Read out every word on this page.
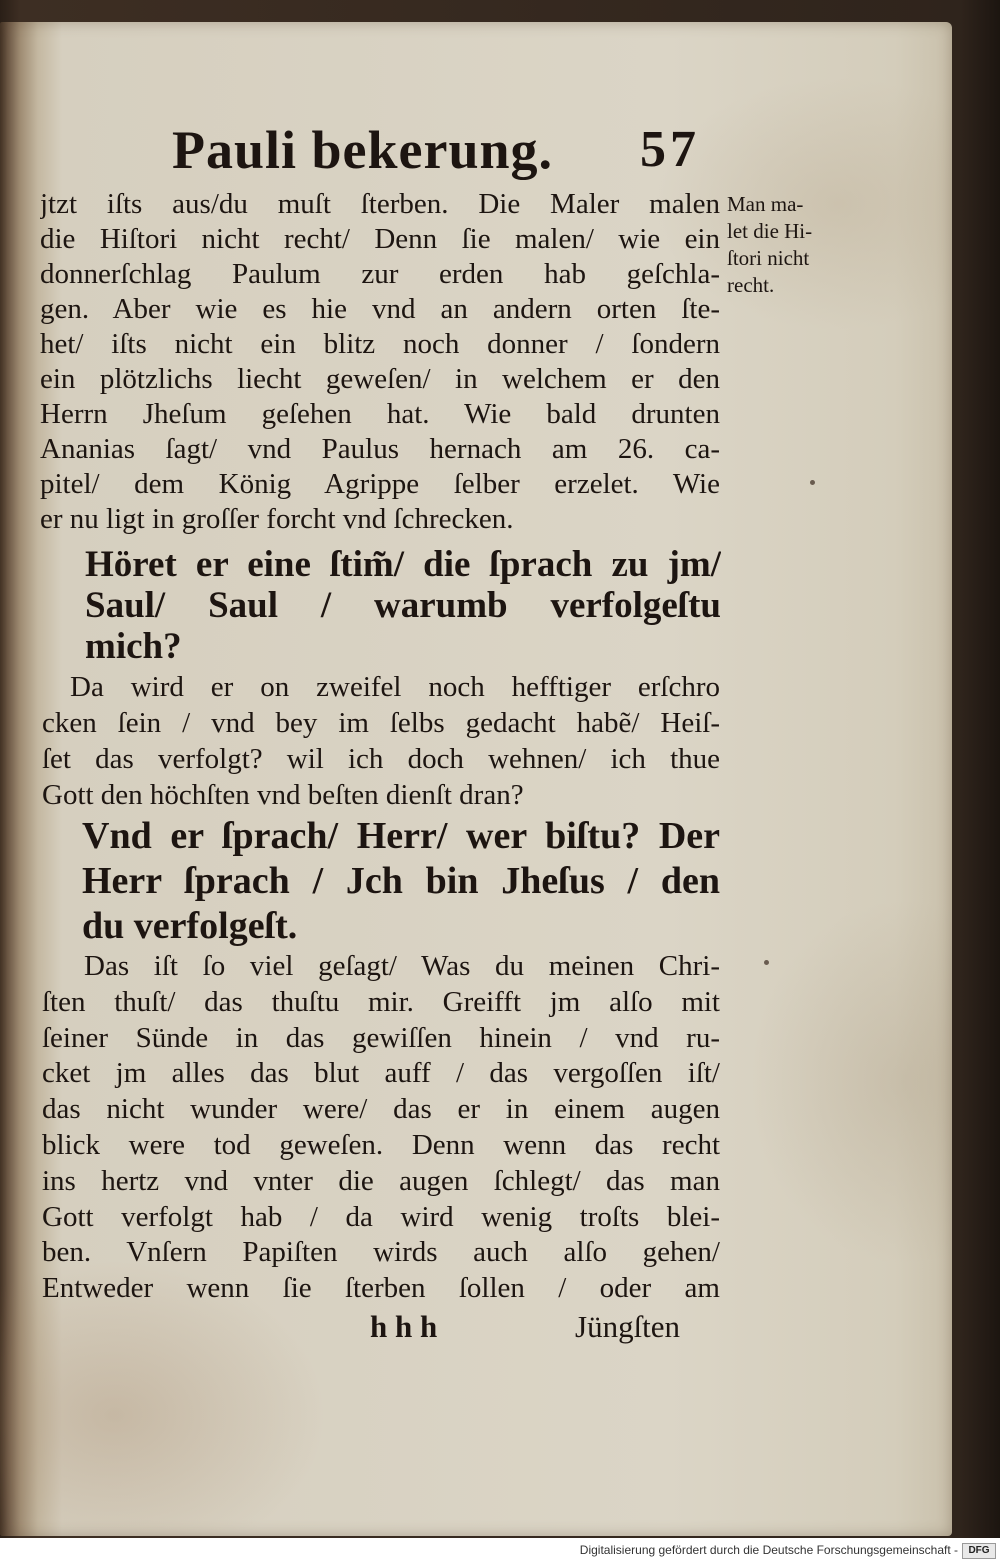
Pauli bekerung. 57
jtzt iſts aus/du muſt ſterben. Die Maler malen
die Hiſtori nicht recht/ Denn ſie malen/ wie ein
donnerſchlag Paulum zur erden hab geſchla-
gen. Aber wie es hie vnd an andern orten ſte-
het/ iſts nicht ein blitz noch donner / ſondern
ein plötzlichs liecht geweſen/ in welchem er den
Herrn Jheſum geſehen hat. Wie bald drunten
Ananias ſagt/ vnd Paulus hernach am 26. ca-
pitel/ dem König Agrippe ſelber erzelet. Wie
er nu ligt in groſſer forcht vnd ſchrecken.
Höret er eine ſtim̃/ die ſprach zu jm/
Saul/ Saul / warumb verfolgeſtu
mich?
Da wird er on zweifel noch hefftiger erſchro
cken ſein / vnd bey im ſelbs gedacht habẽ/ Heiſ-
ſet das verfolgt? wil ich doch wehnen/ ich thue
Gott den höchſten vnd beſten dienſt dran?
Vnd er ſprach/ Herr/ wer biſtu? Der
Herr ſprach / Jch bin Jheſus / den
du verfolgeſt.
Das iſt ſo viel geſagt/ Was du meinen Chri-
ſten thuſt/ das thuſtu mir. Greifft jm alſo mit
ſeiner Sünde in das gewiſſen hinein / vnd ru-
cket jm alles das blut auff / das vergoſſen iſt/
das nicht wunder were/ das er in einem augen
blick were tod geweſen. Denn wenn das recht
ins hertz vnd vnter die augen ſchlegt/ das man
Gott verfolgt hab / da wird wenig troſts blei-
ben. Vnſern Papiſten wirds auch alſo gehen/
Entweder wenn ſie ſterben ſollen / oder am
h h h	Jüngſten
Man ma-
let die Hi-
ſtori nicht
recht.
Digitalisierung gefördert durch die Deutsche Forschungsgemeinschaft -	DFG
